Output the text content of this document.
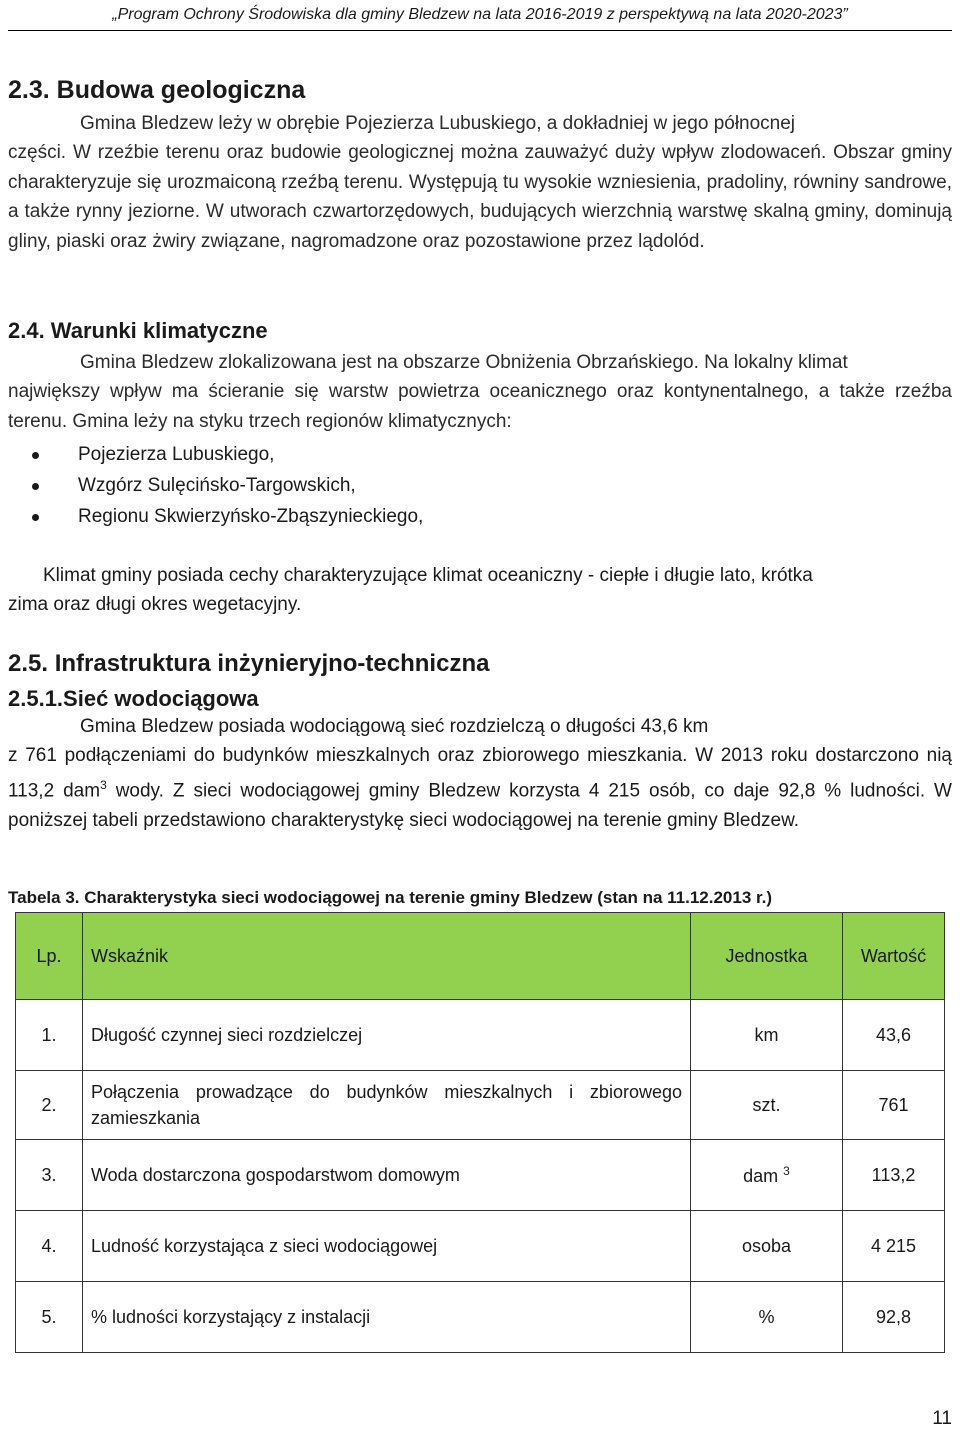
„Program Ochrony Środowiska dla gminy Bledzew na lata 2016-2019 z perspektywą na lata 2020-2023”
2.3. Budowa geologiczna
Gmina Bledzew leży w obrębie Pojezierza Lubuskiego, a dokładniej w jego północnej
części. W rzeźbie terenu oraz budowie geologicznej można zauważyć duży wpływ zlodowaceń. Obszar gminy charakteryzuje się urozmaiconą rzeźbą terenu. Występują tu wysokie wzniesienia, pradoliny, równiny sandrowe, a także rynny jeziorne. W utworach czwartorzędowych, budujących wierzchnią warstwę skalną gminy, dominują gliny, piaski oraz żwiry związane, nagromadzone oraz pozostawione przez lądolód.
2.4. Warunki klimatyczne
Gmina Bledzew zlokalizowana jest na obszarze Obniżenia Obrzańskiego. Na lokalny klimat
największy wpływ ma ścieranie się warstw powietrza oceanicznego oraz kontynentalnego, a także rzeźba terenu. Gmina leży na styku trzech regionów klimatycznych:
Pojezierza Lubuskiego,
Wzgórz Sulęcińsko-Targowskich,
Regionu Skwierzyńsko-Zbąszynieckiego,
Klimat gminy posiada cechy charakteryzujące klimat oceaniczny - ciepłe i długie lato, krótka
zima oraz długi okres wegetacyjny.
2.5. Infrastruktura inżynieryjno-techniczna
2.5.1.Sieć wodociągowa
Gmina Bledzew posiada wodociągową sieć rozdzielczą o długości 43,6 km
z 761 podłączeniami do budynków mieszkalnych oraz zbiorowego mieszkania. W 2013 roku dostarczono nią 113,2 dam$^3$ wody. Z sieci wodociągowej gminy Bledzew korzysta 4 215 osób, co daje 92,8 % ludności. W poniższej tabeli przedstawiono charakterystykę sieci wodociągowej na terenie gminy Bledzew.
Tabela 3. Charakterystyka sieci wodociągowej na terenie gminy Bledzew (stan na 11.12.2013 r.)
Lp.	Wskaźnik	Jednostka	Wartość
1.	Długość czynnej sieci rozdzielczej	km	43,6
2.	Połączenia prowadzące do budynków mieszkalnych i zbiorowego zamieszkania	szt.	761
3.	Woda dostarczona gospodarstwom domowym	dam $^3$	113,2
4.	Ludność korzystająca z sieci wodociągowej	osoba	4 215
5.	% ludności korzystający z instalacji	%	92,8
11
